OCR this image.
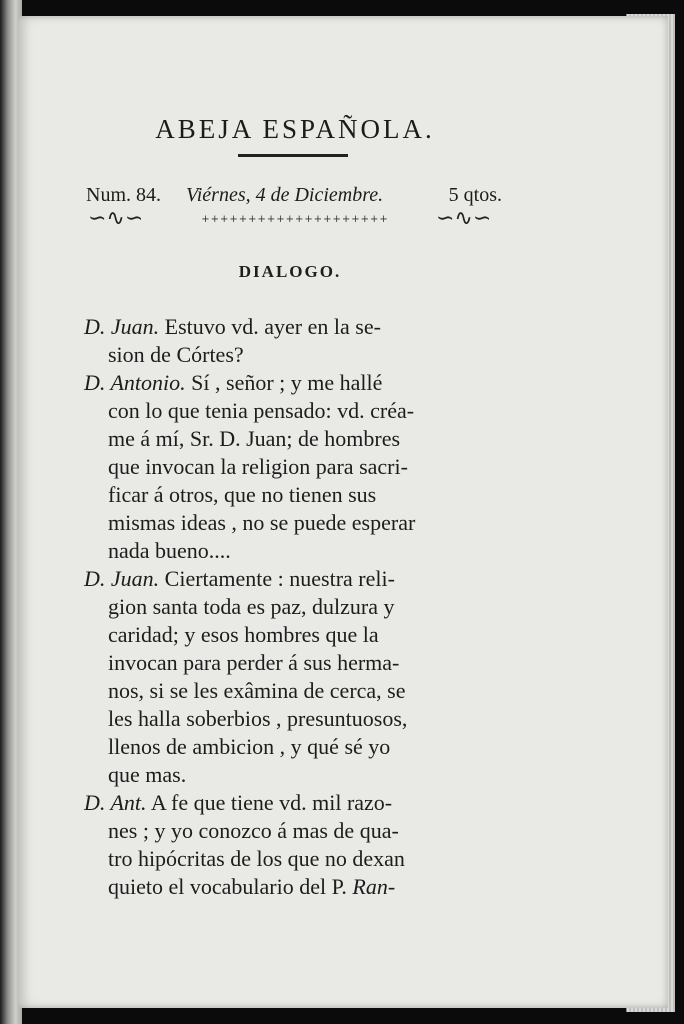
ABEJA ESPAÑOLA.
Num. 84. Viérnes, 4 de Diciembre.	5 qtos.
∽∿∽	∽∿∽
++++++++++++++++++++
DIALOGO.
D. Juan. Estuvo vd. ayer en la se-
sion de Córtes?
D. Antonio. Sí , señor ; y me hallé
con lo que tenia pensado: vd. créa-
me á mí, Sr. D. Juan; de hombres
que invocan la religion para sacri-
ficar á otros, que no tienen sus
mismas ideas , no se puede esperar
nada bueno....
D. Juan. Ciertamente : nuestra reli-
gion santa toda es paz, dulzura y
caridad; y esos hombres que la
invocan para perder á sus herma-
nos, si se les exâmina de cerca, se
les halla soberbios , presuntuosos,
llenos de ambicion , y qué sé yo
que mas.
D. Ant. A fe que tiene vd. mil razo-
nes ; y yo conozco á mas de qua-
tro hipócritas de los que no dexan
quieto el vocabulario del P. Ran-
